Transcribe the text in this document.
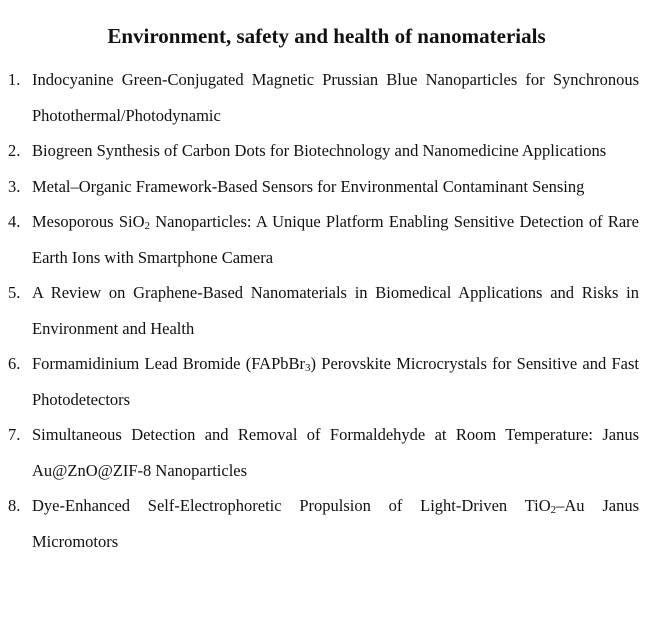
Environment, safety and health of nanomaterials
1. Indocyanine Green-Conjugated Magnetic Prussian Blue Nanoparticles for Synchronous Photothermal/Photodynamic
2. Biogreen Synthesis of Carbon Dots for Biotechnology and Nanomedicine Applications
3. Metal–Organic Framework-Based Sensors for Environmental Contaminant Sensing
4. Mesoporous SiO$_2$ Nanoparticles: A Unique Platform Enabling Sensitive Detection of Rare Earth Ions with Smartphone Camera
5. A Review on Graphene-Based Nanomaterials in Biomedical Applications and Risks in Environment and Health
6. Formamidinium Lead Bromide (FAPbBr$_3$) Perovskite Microcrystals for Sensitive and Fast Photodetectors
7. Simultaneous Detection and Removal of Formaldehyde at Room Temperature: Janus Au@ZnO@ZIF-8 Nanoparticles
8. Dye-Enhanced Self-Electrophoretic Propulsion of Light-Driven TiO$_2$–Au Janus Micromotors
